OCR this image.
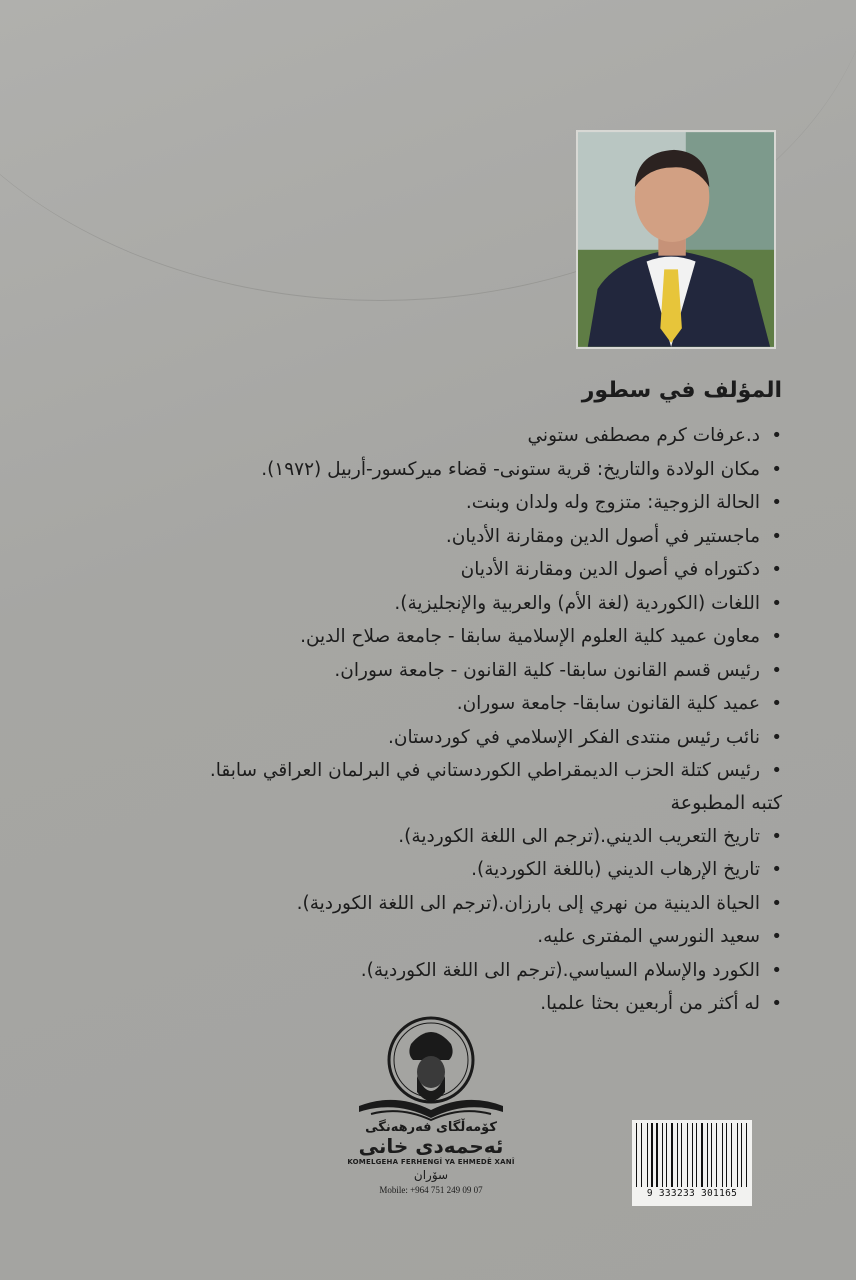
المؤلف في سطور
• د.عرفات كرم مصطفى ستوني
• مكان الولادة والتاريخ: قرية ستونى- قضاء ميركسور-أربيل (١٩٧٢).
• الحالة الزوجية: متزوج وله ولدان وبنت.
• ماجستير في أصول الدين ومقارنة الأديان.
• دكتوراه في أصول الدين ومقارنة الأديان
• اللغات (الكوردية (لغة الأم) والعربية والإنجليزية).
• معاون عميد كلية العلوم الإسلامية سابقا - جامعة صلاح الدين.
• رئيس قسم القانون سابقا- كلية القانون - جامعة سوران.
• عميد كلية القانون سابقا- جامعة سوران.
• نائب رئيس منتدى الفكر الإسلامي في كوردستان.
• رئيس كتلة الحزب الديمقراطي الكوردستاني في البرلمان العراقي سابقا.
كتبه المطبوعة
• تاريخ التعريب الديني.(ترجم الى اللغة الكوردية).
• تاريخ الإرهاب الديني (باللغة الكوردية).
• الحياة الدينية من نهري إلى بارزان.(ترجم الى اللغة الكوردية).
• سعيد النورسي المفترى عليه.
• الكورد والإسلام السياسي.(ترجم الى اللغة الكوردية).
• له أكثر من أربعين بحثا علميا.
كۆمەڵگای فەرهەنگی
ئەحمەدی خانی
KOMELGEHA FERHENGÎ YA EHMEDÊ XANÎ
سۆران
Mobile: +964 751 249 09 07	9 333233 301165
